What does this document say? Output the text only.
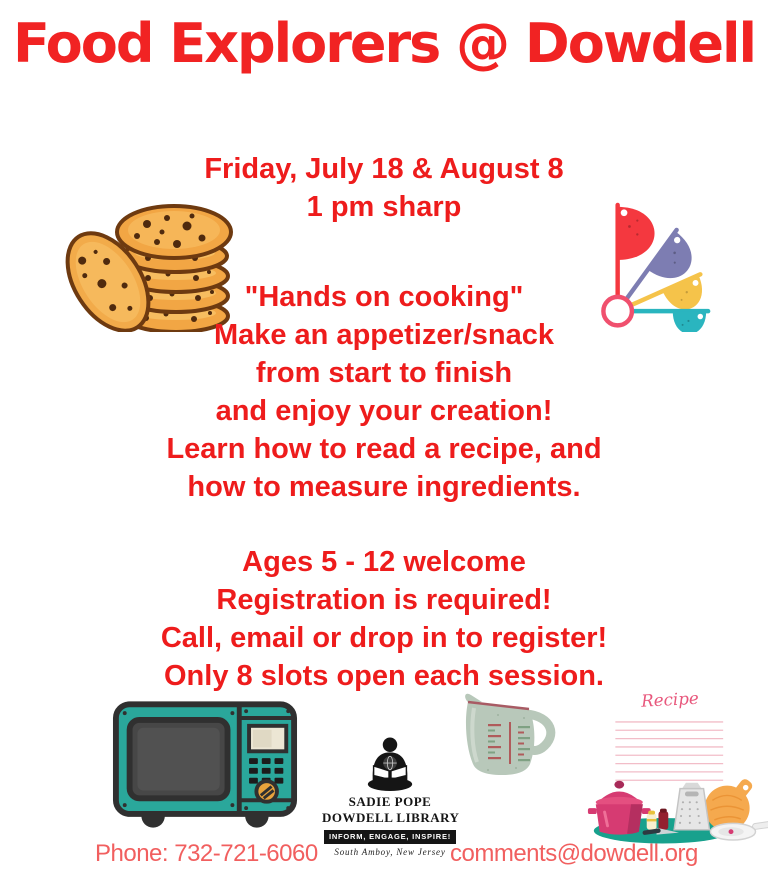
Food Explorers @ Dowdell
Friday, July 18 & August 8
1 pm sharp
"Hands on cooking"
Make an appetizer/snack
from start to finish
and enjoy your creation!
Learn how to read a recipe, and
how to measure ingredients.
Ages 5 - 12 welcome
Registration is required!
Call, email or drop in to register!
Only 8 slots open each session.
SADIE POPE
DOWDELL LIBRARY
INFORM, ENGAGE, INSPIRE!
South Amboy, New Jersey
Recipe
Phone: 732-721-6060	comments@dowdell.org
